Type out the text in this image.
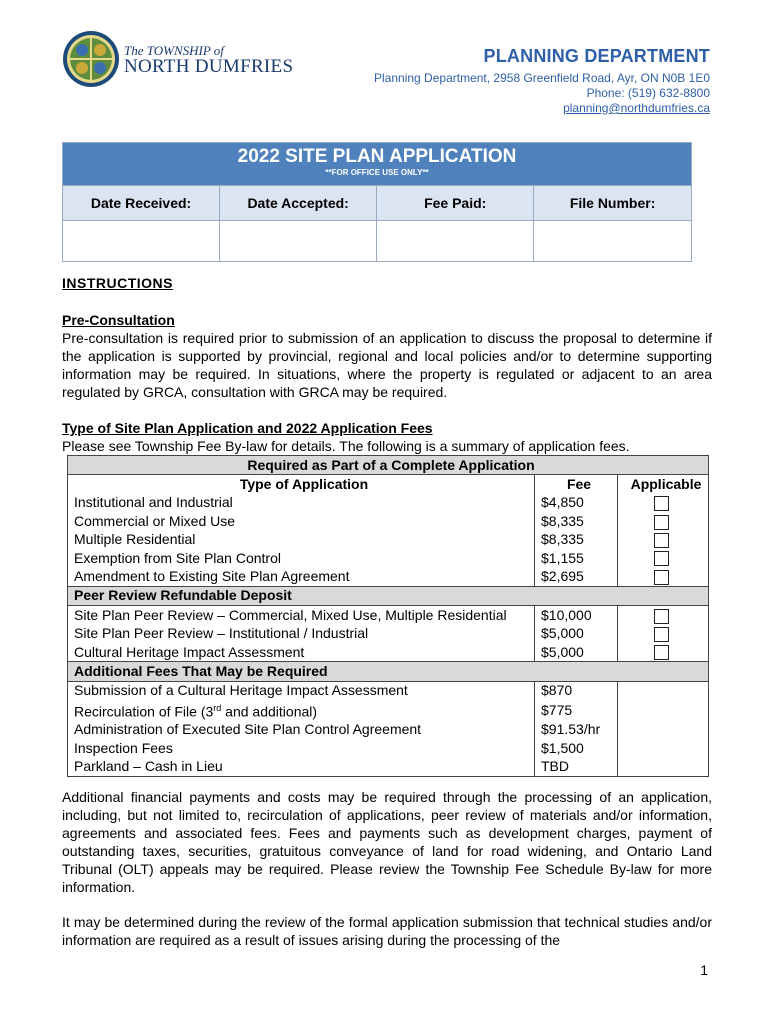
The TOWNSHIP of
NORTH DUMFRIES	PLANNING DEPARTMENT
Planning Department, 2958 Greenfield Road, Ayr, ON N0B 1E0
Phone: (519) 632-8800
planning@northdumfries.ca
2022 SITE PLAN APPLICATION
**FOR OFFICE USE ONLY**			

Date Received:	Date Accepted:	Fee Paid:	File Number:

INSTRUCTIONS
Pre-Consultation
Pre-consultation is required prior to submission of an application to discuss the proposal to determine if the application is supported by provincial, regional and local policies and/or to determine supporting information may be required. In situations, where the property is regulated or adjacent to an area regulated by GRCA, consultation with GRCA may be required.
Type of Site Plan Application and 2022 Application Fees
Please see Township Fee By-law for details. The following is a summary of application fees.
Required as Part of a Complete Application		
Type of Application	Fee	Applicable
Institutional and Industrial	$4,850	
Commercial or Mixed Use	$8,335	
Multiple Residential	$8,335	
Exemption from Site Plan Control	$1,155	
Amendment to Existing Site Plan Agreement	$2,695	
Peer Review Refundable Deposit		
Site Plan Peer Review – Commercial, Mixed Use, Multiple Residential	$10,000	
Site Plan Peer Review – Institutional / Industrial	$5,000	
Cultural Heritage Impact Assessment	$5,000	
Additional Fees That May be Required		
Submission of a Cultural Heritage Impact Assessment	$870	
Recirculation of File (3rd and additional)	$775	
Administration of Executed Site Plan Control Agreement	$91.53/hr	
Inspection Fees	$1,500	
Parkland – Cash in Lieu	TBD	
Additional financial payments and costs may be required through the processing of an application, including, but not limited to, recirculation of applications, peer review of materials and/or information, agreements and associated fees. Fees and payments such as development charges, payment of outstanding taxes, securities, gratuitous conveyance of land for road widening, and Ontario Land Tribunal (OLT) appeals may be required. Please review the Township Fee Schedule By-law for more information.
It may be determined during the review of the formal application submission that technical studies and/or information are required as a result of issues arising during the processing of the
1
